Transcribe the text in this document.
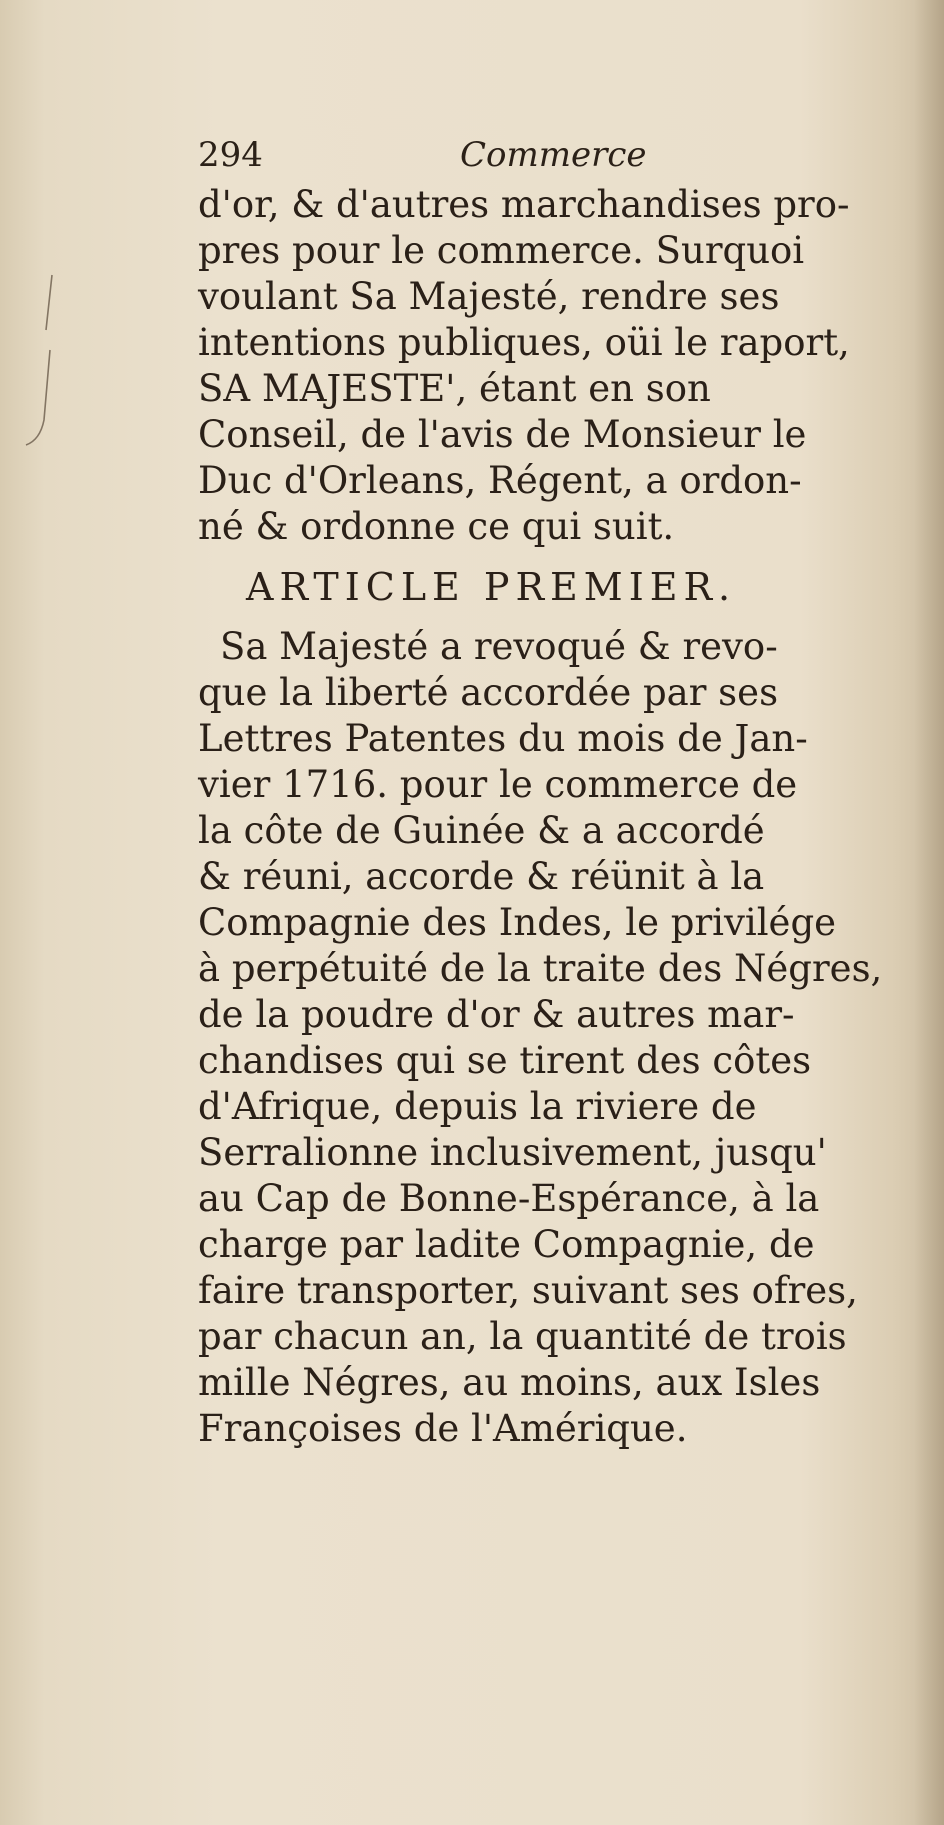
294	Commerce
d'or, & d'autres marchandises pro-
pres pour le commerce. Surquoi
voulant Sa Majesté, rendre ses
intentions publiques, oüi le raport,
SA MAJESTE', étant en son
Conseil, de l'avis de Monsieur le
Duc d'Orleans, Régent, a ordon-
né & ordonne ce qui suit.
ARTICLE PREMIER.
Sa Majesté a revoqué & revo-
que la liberté accordée par ses
Lettres Patentes du mois de Jan-
vier 1716. pour le commerce de
la côte de Guinée & a accordé
& réuni, accorde & réünit à la
Compagnie des Indes, le privilége
à perpétuité de la traite des Négres,
de la poudre d'or & autres mar-
chandises qui se tirent des côtes
d'Afrique, depuis la riviere de
Serralionne inclusivement, jusqu'
au Cap de Bonne-Espérance, à la
charge par ladite Compagnie, de
faire transporter, suivant ses ofres,
par chacun an, la quantité de trois
mille Négres, au moins, aux Isles
Françoises de l'Amérique.
